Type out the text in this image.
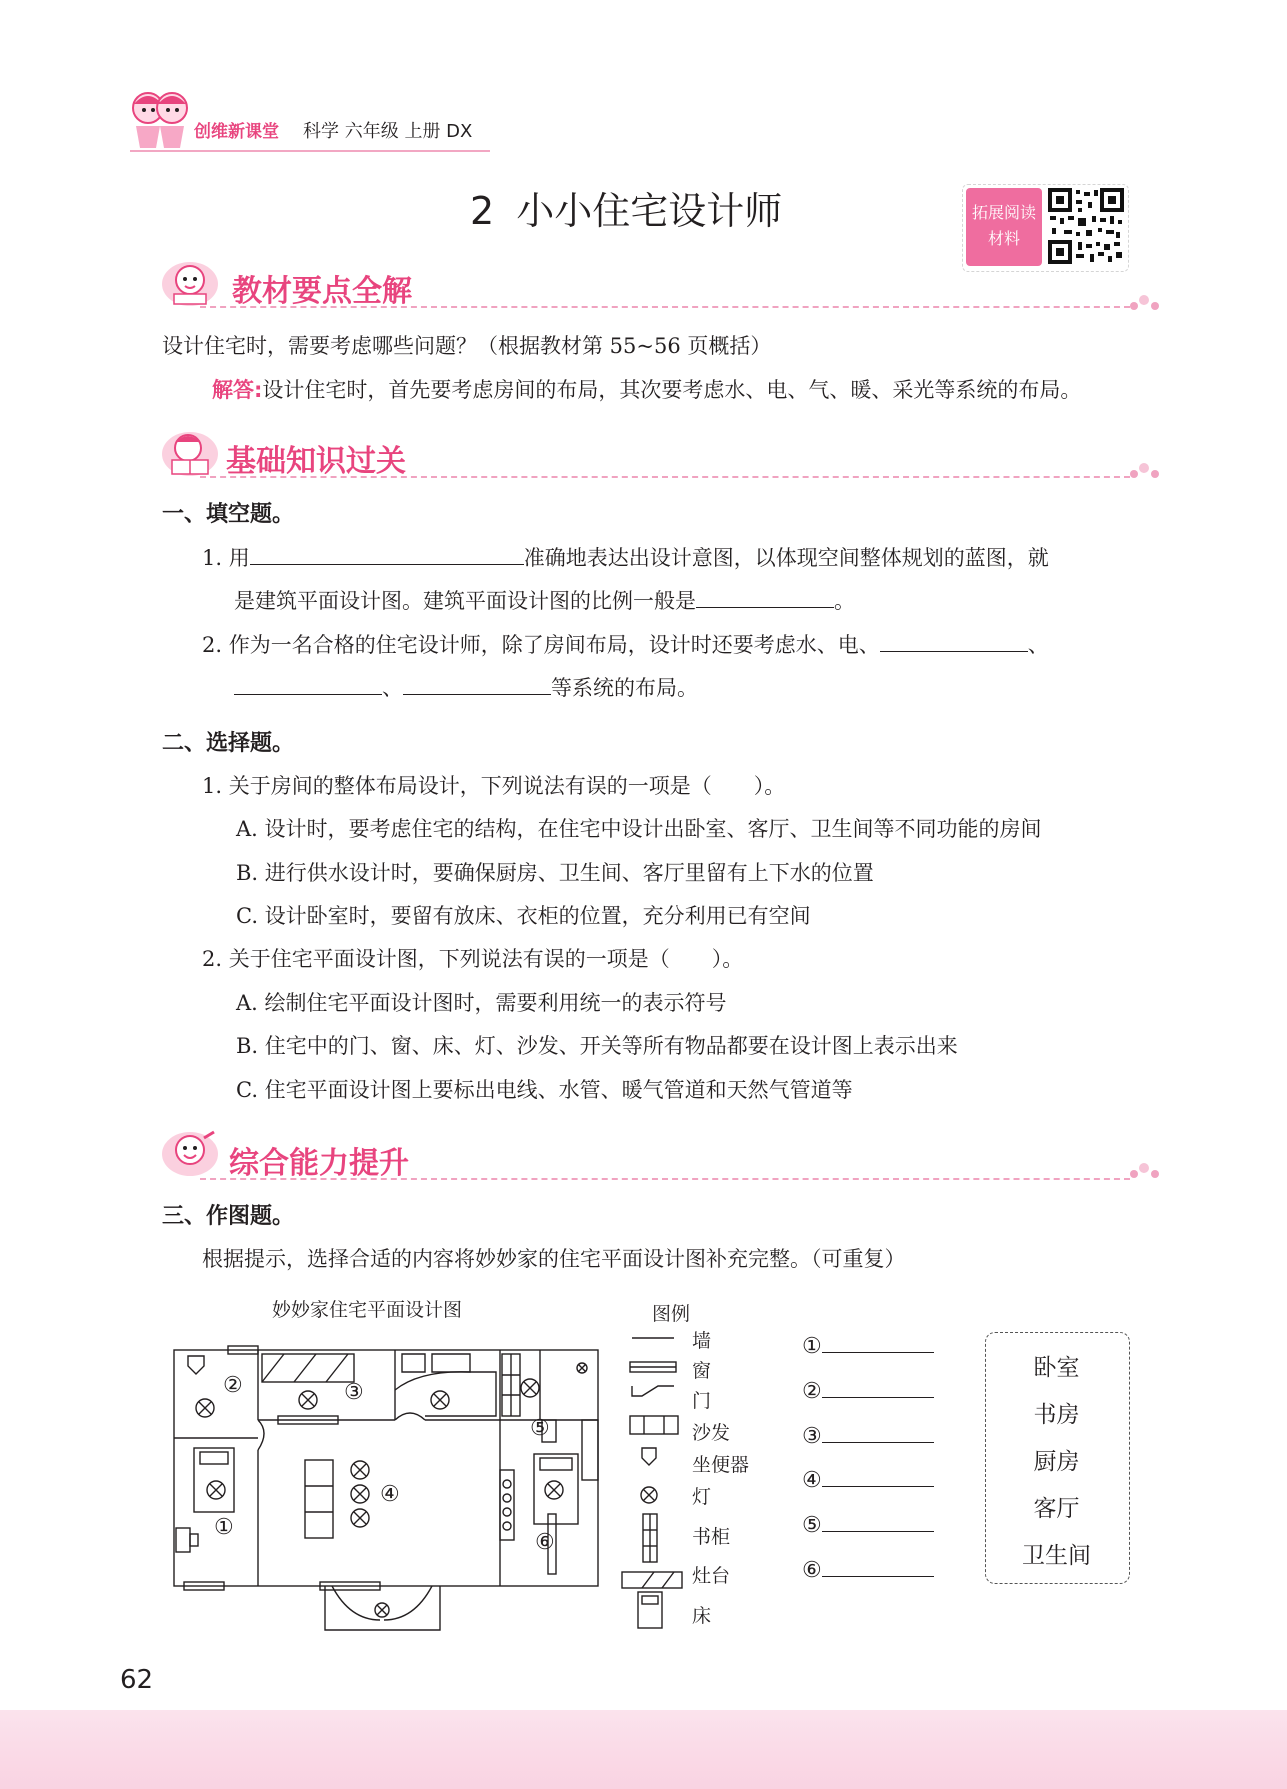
创维新课堂 科学 六年级 上册 DX
2 小小住宅设计师	拓展阅读
材料
教材要点全解
设计住宅时，需要考虑哪些问题？（根据教材第 55~56 页概括）
解答:设计住宅时，首先要考虑房间的布局，其次要考虑水、电、气、暖、采光等系统的布局。
基础知识过关
一、填空题。
1. 用	准确地表达出设计意图，以体现空间整体规划的蓝图，就
是建筑平面设计图。建筑平面设计图的比例一般是	。
2. 作为一名合格的住宅设计师，除了房间布局，设计时还要考虑水、电、	、
、	等系统的布局。
二、选择题。
1. 关于房间的整体布局设计，下列说法有误的一项是（　　）。
A. 设计时，要考虑住宅的结构，在住宅中设计出卧室、客厅、卫生间等不同功能的房间
B. 进行供水设计时，要确保厨房、卫生间、客厅里留有上下水的位置
C. 设计卧室时，要留有放床、衣柜的位置，充分利用已有空间
2. 关于住宅平面设计图，下列说法有误的一项是（　　）。
A. 绘制住宅平面设计图时，需要利用统一的表示符号
B. 住宅中的门、窗、床、灯、沙发、开关等所有物品都要在设计图上表示出来
C. 住宅平面设计图上要标出电线、水管、暖气管道和天然气管道等
综合能力提升
三、作图题。
根据提示，选择合适的内容将妙妙家的住宅平面设计图补充完整。（可重复）
妙妙家住宅平面设计图
①
②	③
④
⑤
⑥
图例
墙
窗
门
沙发
坐便器
灯
书柜
灶台
床
①
②
③
④
⑤
⑥
卧室
书房
厨房
客厅
卫生间
62
